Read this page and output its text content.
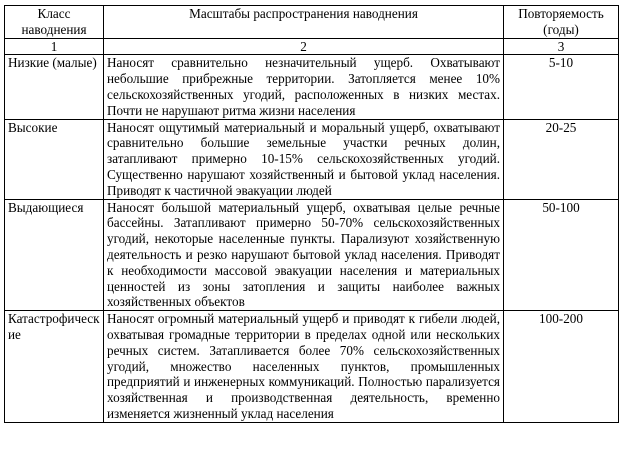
Класс наводнения	Масштабы распространения наводнения	Повторяемость (годы)
1	2	3
Низкие (малые)	Наносят сравнительно незначительный ущерб. Охватывают небольшие прибрежные территории. Затопляется менее 10% сельскохозяйственных угодий, расположенных в низких местах. Почти не нарушают ритма жизни населения	5-10
Высокие	Наносят ощутимый материальный и моральный ущерб, охватывают сравнительно большие земельные участки речных долин, затапливают примерно 10-15% сельскохозяйственных угодий. Существенно нарушают хозяйственный и бытовой уклад населения. Приводят к частичной эвакуации людей	20-25
Выдающиеся	Наносят большой материальный ущерб, охватывая целые речные бассейны. Затапливают примерно 50-70% сельскохозяйственных угодий, некоторые населенные пункты. Парализуют хозяйственную деятельность и резко нарушают бытовой уклад населения. Приводят к необходимости массовой эвакуации населения и материальных ценностей из зоны затопления и защиты наиболее важных хозяйственных объектов	50-100
Катастрофические	Наносят огромный материальный ущерб и приводят к гибели людей, охватывая громадные территории в пределах одной или нескольких речных систем. Затапливается более 70% сельскохозяйственных угодий, множество населенных пунктов, промышленных предприятий и инженерных коммуникаций. Полностью парализуется хозяйственная и производственная деятельность, временно изменяется жизненный уклад населения	100-200
